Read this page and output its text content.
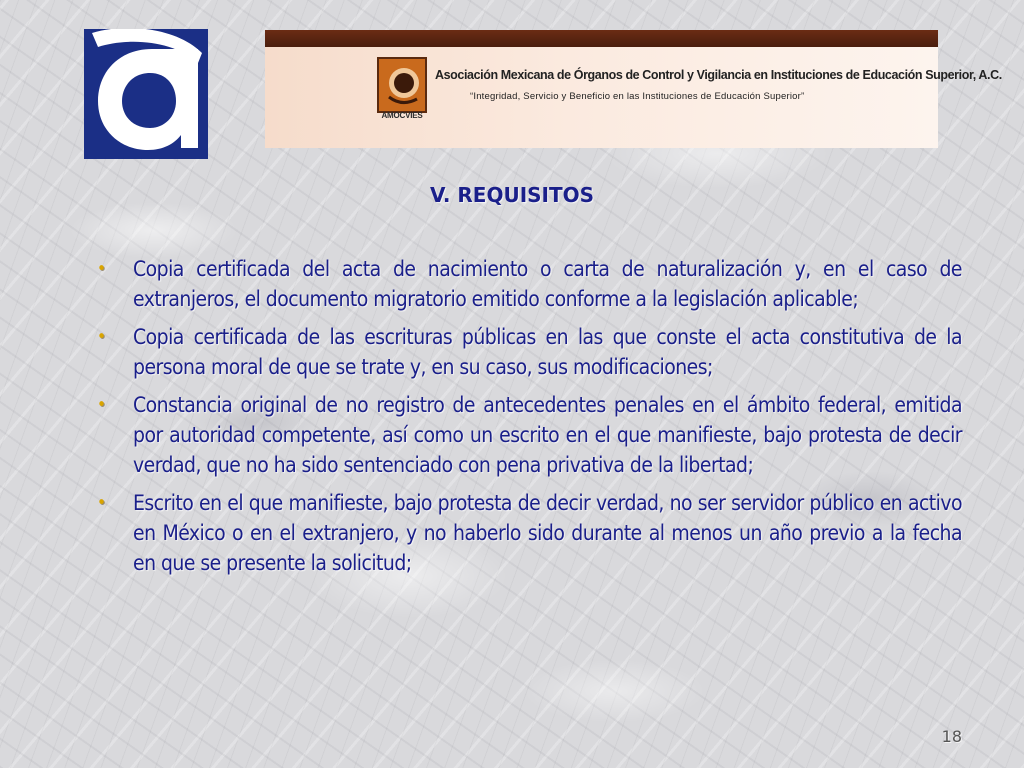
AMOCVIES
Asociación Mexicana de Órganos de Control y Vigilancia en Instituciones de Educación Superior, A.C.
“Integridad, Servicio y Beneficio en las Instituciones de Educación Superior”
V. REQUISITOS
• Copia certificada del acta de nacimiento o carta de naturalización y, en el caso de extranjeros, el documento migratorio emitido conforme a la legislación aplicable;
• Copia certificada de las escrituras públicas en las que conste el acta constitutiva de la persona moral de que se trate y, en su caso, sus modificaciones;
• Constancia original de no registro de antecedentes penales en el ámbito federal, emitida por autoridad competente, así como un escrito en el que manifieste, bajo protesta de decir verdad, que no ha sido sentenciado con pena privativa de la libertad;
• Escrito en el que manifieste, bajo protesta de decir verdad, no ser servidor público en activo en México o en el extranjero, y no haberlo sido durante al menos un año previo a la fecha en que se presente la solicitud;
18
